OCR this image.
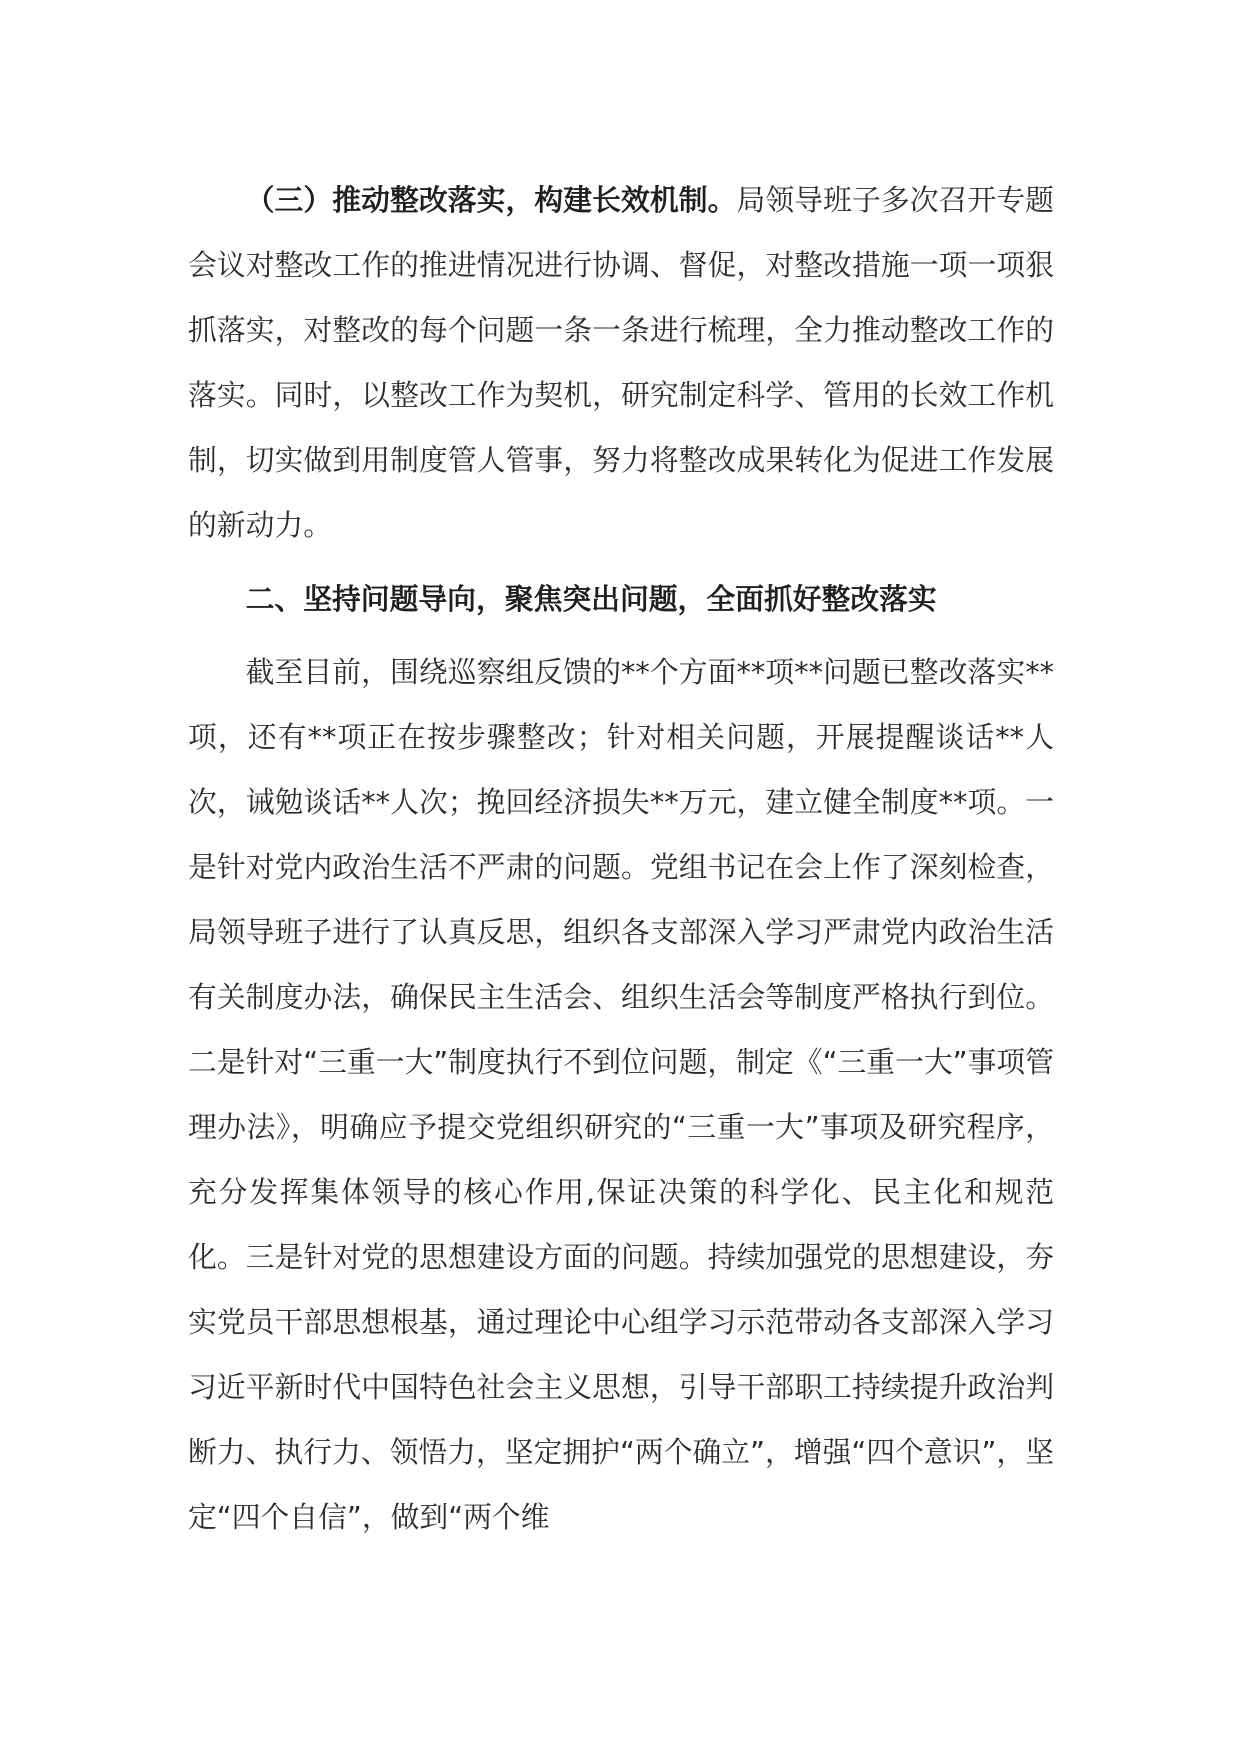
（三）推动整改落实，构建长效机制。局领导班子多次召开专题会议对整改工作的推进情况进行协调、督促，对整改措施一项一项狠抓落实，对整改的每个问题一条一条进行梳理，全力推动整改工作的落实。同时，以整改工作为契机，研究制定科学、管用的长效工作机制，切实做到用制度管人管事，努力将整改成果转化为促进工作发展的新动力。

二、坚持问题导向，聚焦突出问题，全面抓好整改落实

截至目前，围绕巡察组反馈的**个方面**项**问题已整改落实**项，还有**项正在按步骤整改；针对相关问题，开展提醒谈话**人次，诫勉谈话**人次；挽回经济损失**万元，建立健全制度**项。一是针对党内政治生活不严肃的问题。党组书记在会上作了深刻检查，局领导班子进行了认真反思，组织各支部深入学习严肃党内政治生活有关制度办法，确保民主生活会、组织生活会等制度严格执行到位。二是针对“三重一大”制度执行不到位问题，制定《“三重一大”事项管理办法》，明确应予提交党组织研究的“三重一大”事项及研究程序，充分发挥集体领导的核心作用,保证决策的科学化、民主化和规范化。三是针对党的思想建设方面的问题。持续加强党的思想建设，夯实党员干部思想根基，通过理论中心组学习示范带动各支部深入学习习近平新时代中国特色社会主义思想，引导干部职工持续提升政治判断力、执行力、领悟力，坚定拥护“两个确立”，增强“四个意识”，坚定“四个自信”，做到“两个维
